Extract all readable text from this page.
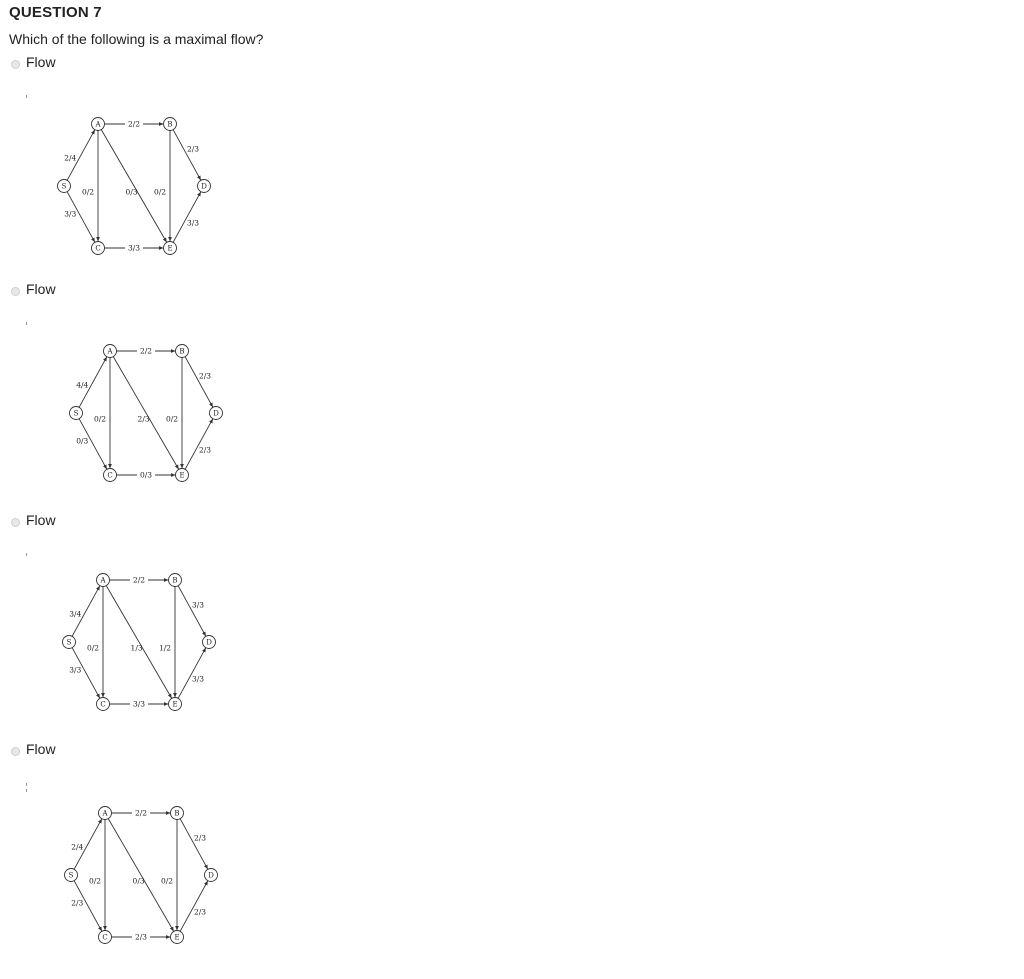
QUESTION 7
Which of the following is a maximal flow?
Flow
2/4
3/3
2/2
0/2	0/3 0/2
2/3
3/3
3/3
S
A	B
C	E
D
Flow
4/4
0/3
2/2
0/2	2/3 0/2
2/3
0/3
2/3
S
A	B
C	E
D
Flow
3/4
3/3
2/2
0/2	1/3 1/2
3/3
3/3
3/3
S
A	B
C	E
D
Flow
2/4
2/3
2/2
0/2	0/3 0/2
2/3
2/3
2/3
S
A	B
C	E
D
